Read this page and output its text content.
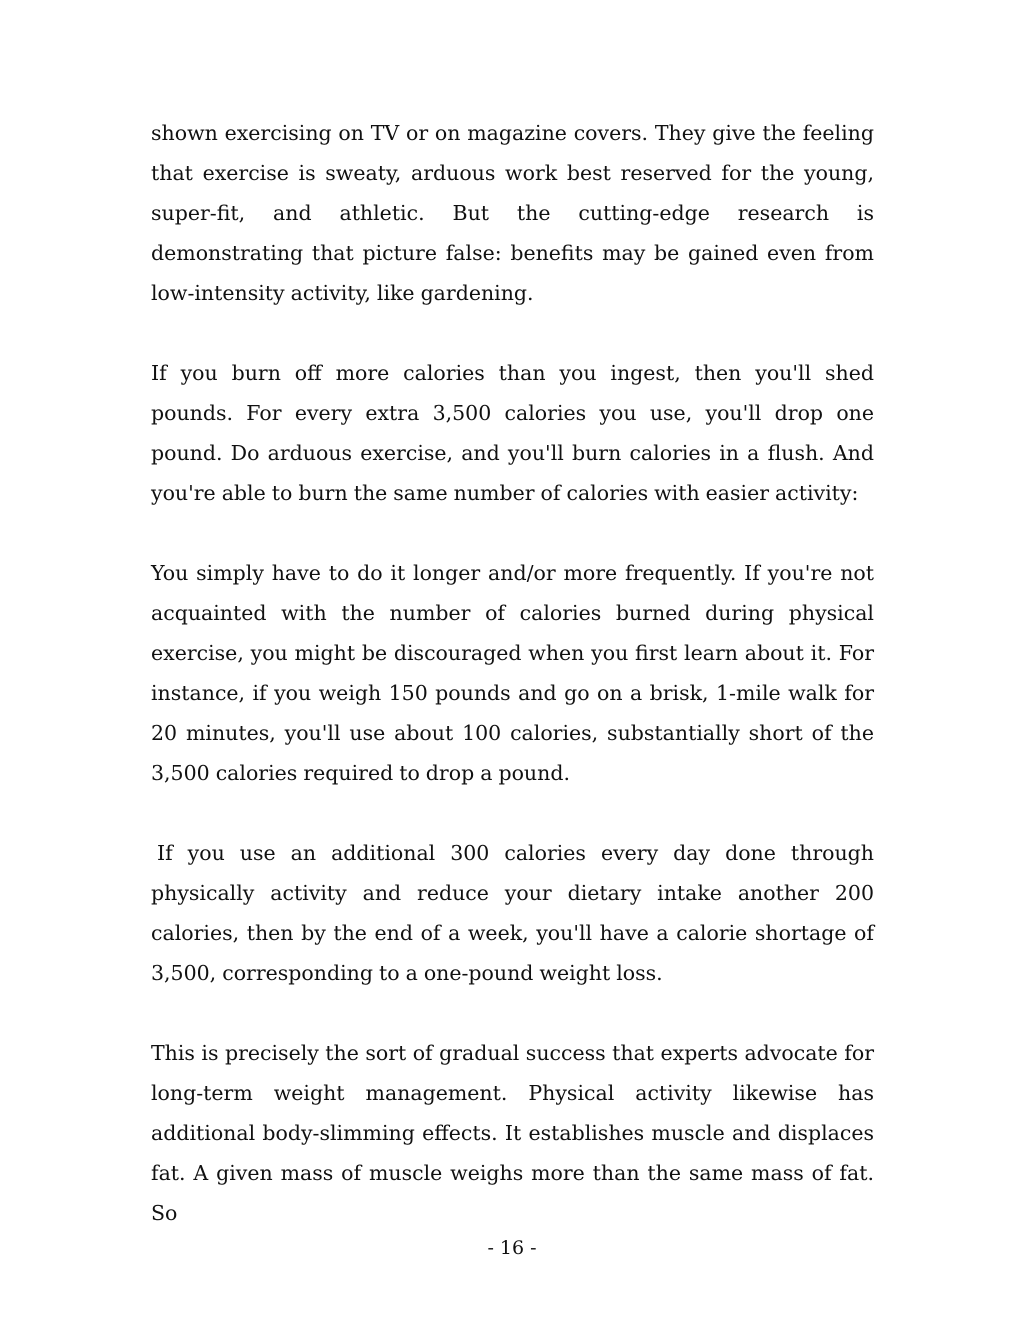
shown exercising on TV or on magazine covers. They give the feeling that exercise is sweaty, arduous work best reserved for the young, super-fit, and athletic. But the cutting-edge research is demonstrating that picture false: benefits may be gained even from low-intensity activity, like gardening.

If you burn off more calories than you ingest, then you'll shed pounds. For every extra 3,500 calories you use, you'll drop one pound. Do arduous exercise, and you'll burn calories in a flush. And you're able to burn the same number of calories with easier activity:

You simply have to do it longer and/or more frequently. If you're not acquainted with the number of calories burned during physical exercise, you might be discouraged when you first learn about it. For instance, if you weigh 150 pounds and go on a brisk, 1-mile walk for 20 minutes, you'll use about 100 calories, substantially short of the 3,500 calories required to drop a pound.

If you use an additional 300 calories every day done through physically activity and reduce your dietary intake another 200 calories, then by the end of a week, you'll have a calorie shortage of 3,500, corresponding to a one-pound weight loss.

This is precisely the sort of gradual success that experts advocate for long-term weight management. Physical activity likewise has additional body-slimming effects. It establishes muscle and displaces fat. A given mass of muscle weighs more than the same mass of fat. So

- 16 -
